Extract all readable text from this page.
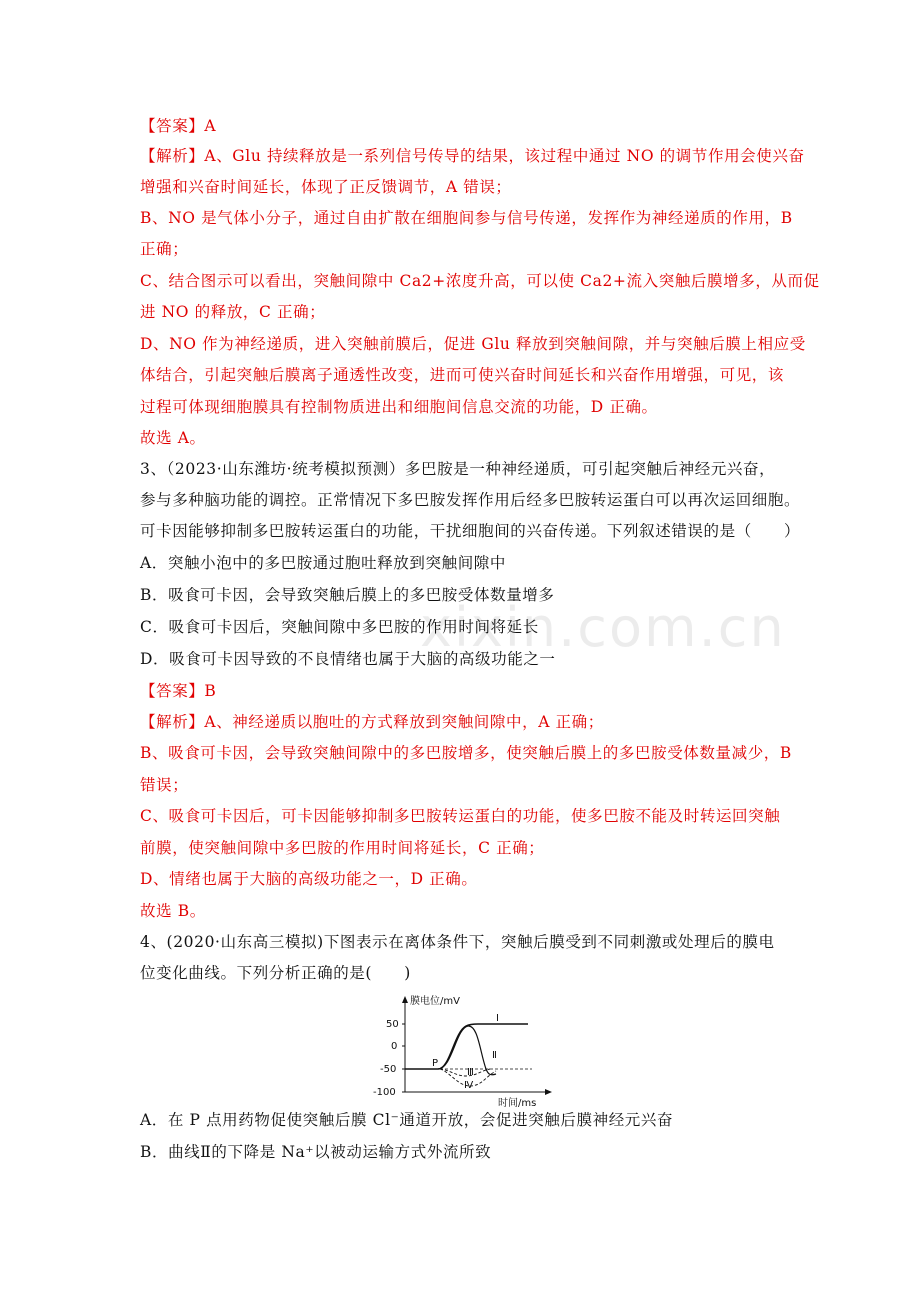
xixin.com.cn
【答案】A
【解析】A、Glu 持续释放是一系列信号传导的结果，该过程中通过 NO 的调节作用会使兴奋
增强和兴奋时间延长，体现了正反馈调节，A 错误；
B、NO 是气体小分子，通过自由扩散在细胞间参与信号传递，发挥作为神经递质的作用，B
正确；
C、结合图示可以看出，突触间隙中 Ca2+浓度升高，可以使 Ca2+流入突触后膜增多，从而促
进 NO 的释放，C 正确；
D、NO 作为神经递质，进入突触前膜后，促进 Glu 释放到突触间隙，并与突触后膜上相应受
体结合，引起突触后膜离子通透性改变，进而可使兴奋时间延长和兴奋作用增强，可见，该
过程可体现细胞膜具有控制物质进出和细胞间信息交流的功能，D 正确。
故选 A。
3、（2023·山东潍坊·统考模拟预测）多巴胺是一种神经递质，可引起突触后神经元兴奋，
参与多种脑功能的调控。正常情况下多巴胺发挥作用后经多巴胺转运蛋白可以再次运回细胞。
可卡因能够抑制多巴胺转运蛋白的功能，干扰细胞间的兴奋传递。下列叙述错误的是（　　）
A．突触小泡中的多巴胺通过胞吐释放到突触间隙中
B．吸食可卡因，会导致突触后膜上的多巴胺受体数量增多
C．吸食可卡因后，突触间隙中多巴胺的作用时间将延长
D．吸食可卡因导致的不良情绪也属于大脑的高级功能之一
【答案】B
【解析】A、神经递质以胞吐的方式释放到突触间隙中，A 正确；
B、吸食可卡因，会导致突触间隙中的多巴胺增多，使突触后膜上的多巴胺受体数量减少，B
错误；
C、吸食可卡因后，可卡因能够抑制多巴胺转运蛋白的功能，使多巴胺不能及时转运回突触
前膜，使突触间隙中多巴胺的作用时间将延长，C 正确；
D、情绪也属于大脑的高级功能之一，D 正确。
故选 B。
4、(2020·山东高三模拟)下图表示在离体条件下，突触后膜受到不同刺激或处理后的膜电
位变化曲线。下列分析正确的是(　　)
膜电位/mV
50
0
-50
-100
P
Ⅰ
Ⅱ
Ⅲ
Ⅳ
时间/ms
A．在 P 点用药物促使突触后膜 Cl⁻通道开放，会促进突触后膜神经元兴奋
B．曲线Ⅱ的下降是 Na⁺以被动运输方式外流所致
